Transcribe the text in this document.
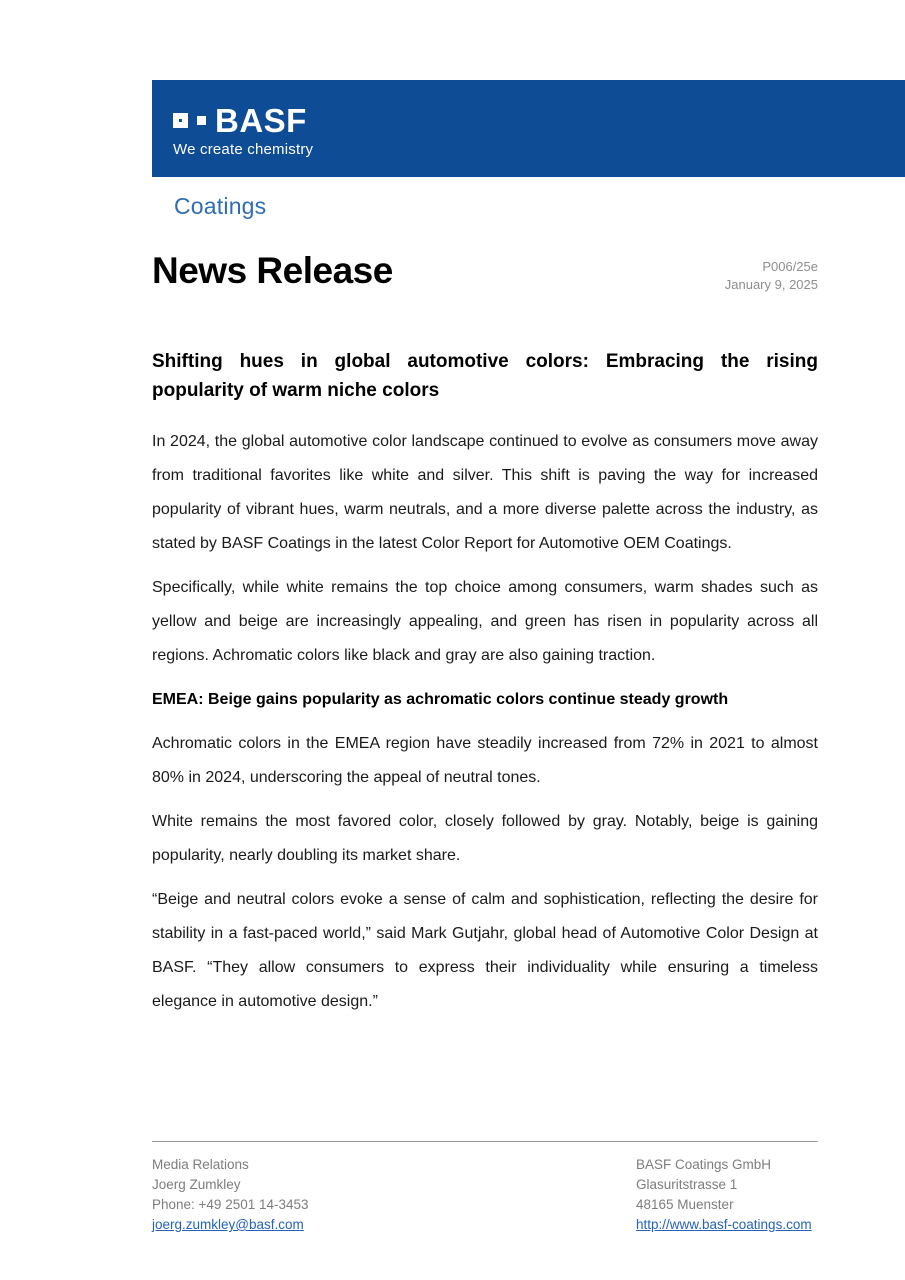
BASF
We create chemistry
Coatings
News Release	P006/25e
January 9, 2025
Shifting hues in global automotive colors: Embracing the rising popularity of warm niche colors

In 2024, the global automotive color landscape continued to evolve as consumers move away from traditional favorites like white and silver. This shift is paving the way for increased popularity of vibrant hues, warm neutrals, and a more diverse palette across the industry, as stated by BASF Coatings in the latest Color Report for Automotive OEM Coatings.

Specifically, while white remains the top choice among consumers, warm shades such as yellow and beige are increasingly appealing, and green has risen in popularity across all regions. Achromatic colors like black and gray are also gaining traction.

EMEA: Beige gains popularity as achromatic colors continue steady growth

Achromatic colors in the EMEA region have steadily increased from 72% in 2021 to almost 80% in 2024, underscoring the appeal of neutral tones.

White remains the most favored color, closely followed by gray. Notably, beige is gaining popularity, nearly doubling its market share.

“Beige and neutral colors evoke a sense of calm and sophistication, reflecting the desire for stability in a fast-paced world,” said Mark Gutjahr, global head of Automotive Color Design at BASF. “They allow consumers to express their individuality while ensuring a timeless elegance in automotive design.”

Media Relations
Joerg Zumkley
Phone: +49 2501 14-3453
joerg.zumkley@basf.com
BASF Coatings GmbH
Glasuritstrasse 1
48165 Muenster
http://www.basf-coatings.com
